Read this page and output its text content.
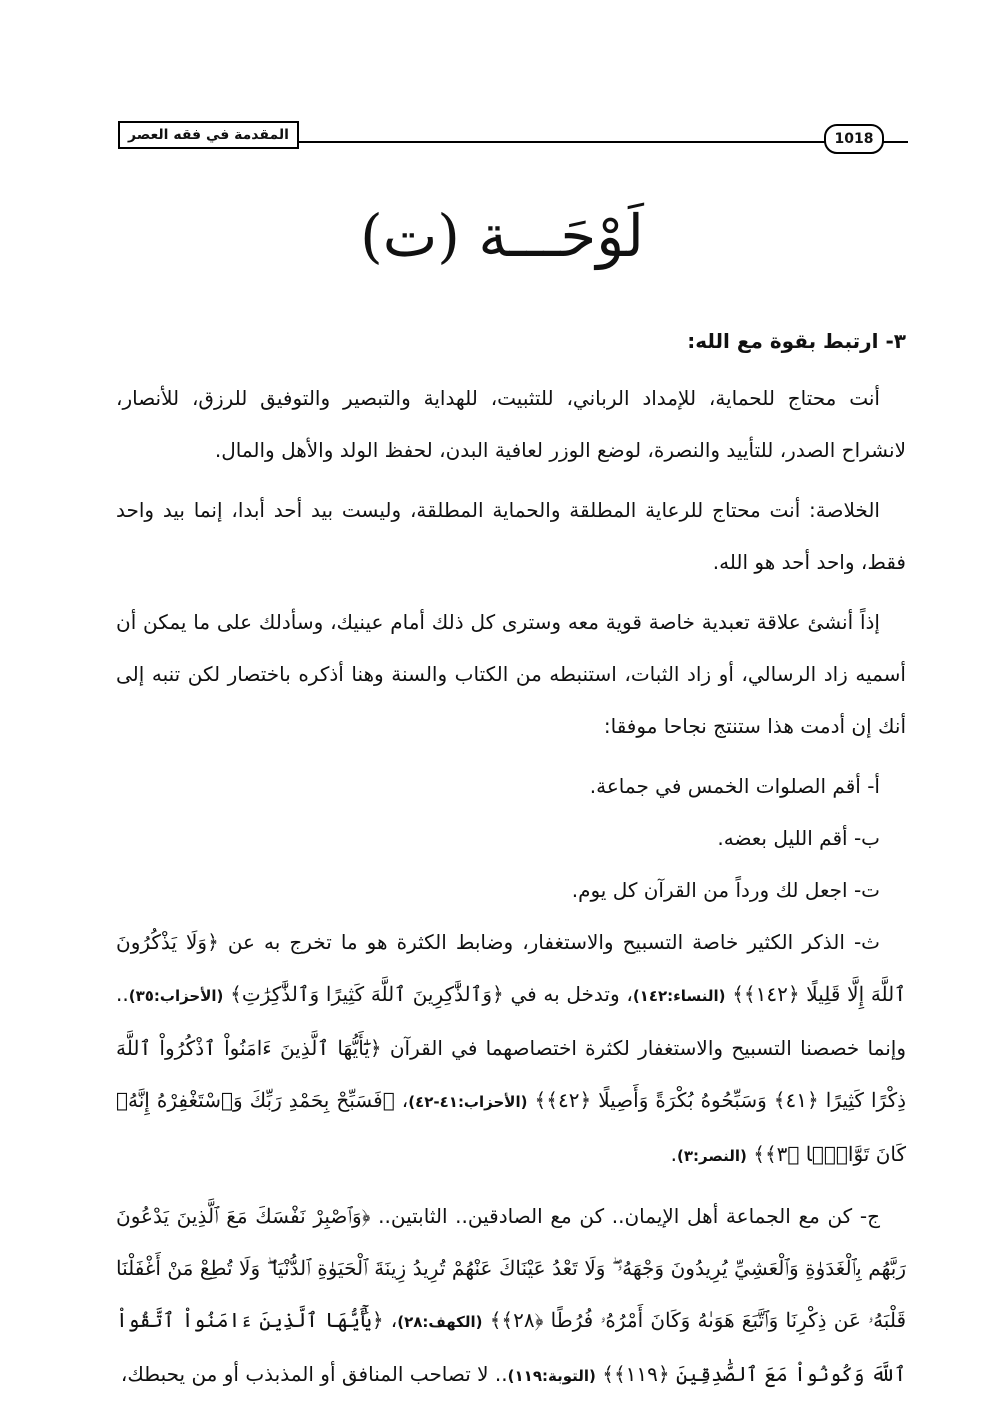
المقدمة في فقه العصر	1018
لَوْحَـــة (ت)
٣- ارتبط بقوة مع الله:

أنت محتاج للحماية، للإمداد الرباني، للتثبيت، للهداية والتبصير والتوفيق للرزق، للأنصار، لانشراح الصدر، للتأييد والنصرة، لوضع الوزر لعافية البدن، لحفظ الولد والأهل والمال.

الخلاصة: أنت محتاج للرعاية المطلقة والحماية المطلقة، وليست بيد أحد أبدا، إنما بيد واحد فقط، واحد أحد هو الله.

إذاً أنشئ علاقة تعبدية خاصة قوية معه وسترى كل ذلك أمام عينيك، وسأدلك على ما يمكن أن أسميه زاد الرسالي، أو زاد الثبات، استنبطه من الكتاب والسنة وهنا أذكره باختصار لكن تنبه إلى أنك إن أدمت هذا ستنتج نجاحا موفقا:

أ- أقم الصلوات الخمس في جماعة.

ب- أقم الليل بعضه.

ت- اجعل لك ورداً من القرآن كل يوم.

ث- الذكر الكثير خاصة التسبيح والاستغفار، وضابط الكثرة هو ما تخرج به عن ﴿وَلَا يَذْكُرُونَ ٱللَّهَ إِلَّا قَلِيلًا ﴿١٤٢﴾﴾ (النساء:١٤٢)، وتدخل به في ﴿وَٱلذَّٰكِرِينَ ٱللَّهَ كَثِيرًا وَٱلذَّٰكِرَٰتِ﴾ (الأحزاب:٣٥).. وإنما خصصنا التسبيح والاستغفار لكثرة اختصاصهما في القرآن ﴿يَٰٓأَيُّهَا ٱلَّذِينَ ءَامَنُواْ ٱذْكُرُواْ ٱللَّهَ ذِكْرًا كَثِيرًا ﴿٤١﴾ وَسَبِّحُوهُ بُكْرَةً وَأَصِيلًا ﴿٤٢﴾﴾ (الأحزاب:٤١-٤٢)، ﴿فَسَبِّحْ بِحَمْدِ رَبِّكَ وَٱسْتَغْفِرْهُ إِنَّهُۥ كَانَ تَوَّابًۢا ﴿٣﴾﴾ (النصر:٣).

ج- كن مع الجماعة أهل الإيمان.. كن مع الصادقين.. الثابتين.. ﴿وَٱصْبِرْ نَفْسَكَ مَعَ ٱلَّذِينَ يَدْعُونَ رَبَّهُم بِٱلْغَدَوٰةِ وَٱلْعَشِيِّ يُرِيدُونَ وَجْهَهُۥ ۖ وَلَا تَعْدُ عَيْنَاكَ عَنْهُمْ تُرِيدُ زِينَةَ ٱلْحَيَوٰةِ ٱلدُّنْيَا ۖ وَلَا تُطِعْ مَنْ أَغْفَلْنَا قَلْبَهُۥ عَن ذِكْرِنَا وَٱتَّبَعَ هَوَىٰهُ وَكَانَ أَمْرُهُۥ فُرُطًا ﴿٢٨﴾﴾ (الكهف:٢٨)، ﴿يَٰٓأَيُّهَا ٱلَّذِينَ ءَامَنُواْ ٱتَّقُواْ ٱللَّهَ وَكُونُواْ مَعَ ٱلصَّٰدِقِينَ ﴿١١٩﴾﴾ (التوبة:١١٩).. لا تصاحب المنافق أو المذبذب أو من يحبطك،
